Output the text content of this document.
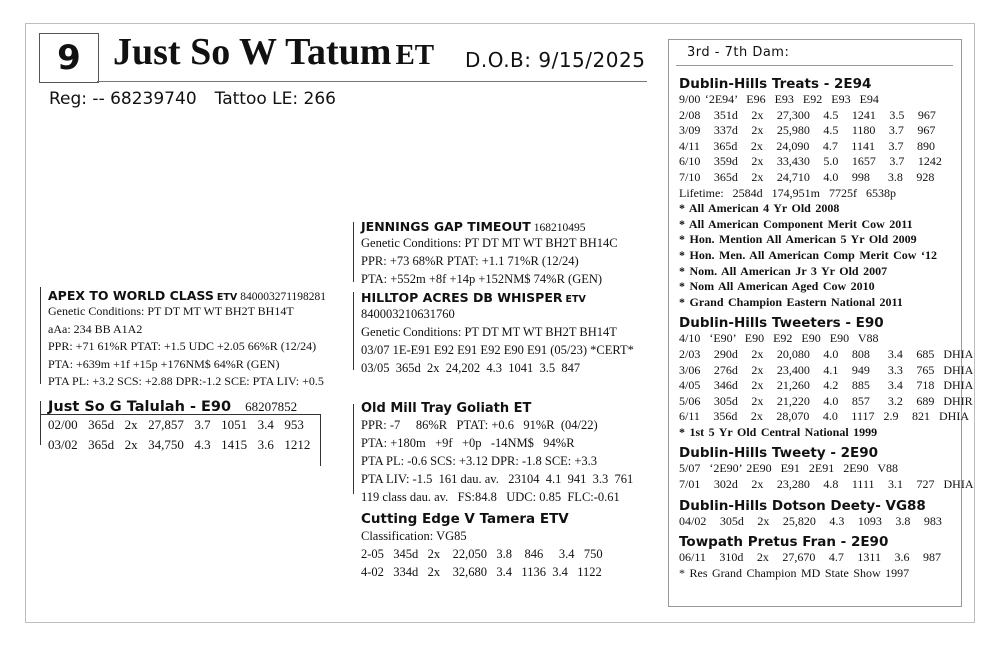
9 Just So W Tatum ET D.O.B: 9/15/2025
Reg: -- 68239740 Tattoo LE: 266
APEX TO WORLD CLASS ETV 840003271198281
Genetic Conditions: PT DT MT WT BH2T BH14T
aAa: 234 BB A1A2
PPR: +71 61%R PTAT: +1.5 UDC +2.05 66%R (12/24)
PTA: +639m +1f +15p +176NM$ 64%R (GEN)
PTA PL: +3.2 SCS: +2.88 DPR:-1.2 SCE: PTA LIV: +0.5
Just So G Talulah - E90 68207852
02/00  365d  2x  27,857  3.7  1051  3.4  953
03/02  365d  2x  34,750  4.3  1415  3.6  1212
JENNINGS GAP TIMEOUT 168210495
Genetic Conditions: PT DT MT WT BH2T BH14C
PPR: +73 68%R PTAT: +1.1 71%R (12/24)
PTA: +552m +8f +14p +152NM$ 74%R (GEN)
HILLTOP ACRES DB WHISPER ETV
840003210631760
Genetic Conditions: PT DT MT WT BH2T BH14T
03/07 1E-E91 E92 E91 E92 E90 E91 (05/23) *CERT*
03/05  365d  2x  24,202  4.3  1041  3.5  847
Old Mill Tray Goliath ET
PPR: -7     86%R   PTAT: +0.6   91%R  (04/22)
PTA: +180m   +9f   +0p   -14NM$   94%R
PTA PL: -0.6 SCS: +3.12 DPR: -1.8 SCE: +3.3
PTA LIV: -1.5  161 dau. av.   23104  4.1  941  3.3  761
119 class dau. av.   FS:84.8   UDC: 0.85  FLC:-0.61
Cutting Edge V Tamera ETV
Classification: VG85
2-05   345d   2x    22,050   3.8    846     3.4   750
4-02   334d   2x    32,680   3.4   1136  3.4   1122
3rd - 7th Dam:
Dublin-Hills Treats - 2E94
9/00 ‘2E94’  E96  E93  E92  E93  E94
2/08   351d   2x   27,300   4.5   1241   3.5   967
3/09   337d   2x   25,980   4.5   1180   3.7   967
4/11   365d   2x   24,090   4.7   1141   3.7   890
6/10   359d   2x   33,430   5.0   1657   3.7   1242
7/10   365d   2x   24,710   4.0   998    3.8   928
Lifetime:  2584d  174,951m  7725f  6538p
* All American 4 Yr Old 2008
* All American Component Merit Cow 2011
* Hon. Mention All American 5 Yr Old 2009
* Hon. Men. All American Comp Merit Cow ‘12
* Nom. All American Jr 3 Yr Old 2007
* Nom All American Aged Cow 2010
* Grand Champion Eastern National 2011
Dublin-Hills Tweeters - E90
4/10  ‘E90’  E90  E92  E90  E90  V88
2/03   290d   2x   20,080   4.0   808    3.4   685  DHIA
3/06   276d   2x   23,400   4.1   949    3.3   765  DHIA
4/05   346d   2x   21,260   4.2   885    3.4   718  DHIA
5/06   305d   2x   21,220   4.0   857    3.2   689  DHIR
6/11   356d   2x   28,070   4.0   1117  2.9   821  DHIA
* 1st 5 Yr Old Central National 1999
Dublin-Hills Tweety - 2E90
5/07  ‘2E90’ 2E90  E91  2E91  2E90  V88
7/01   302d   2x   23,280   4.8   1111   3.1   727  DHIA
Dublin-Hills Dotson Deety- VG88
04/02   305d   2x   25,820   4.3   1093   3.8   983
Towpath Pretus Fran - 2E90
06/11   310d   2x   27,670   4.7   1311   3.6   987
* Res Grand Champion MD State Show 1997
